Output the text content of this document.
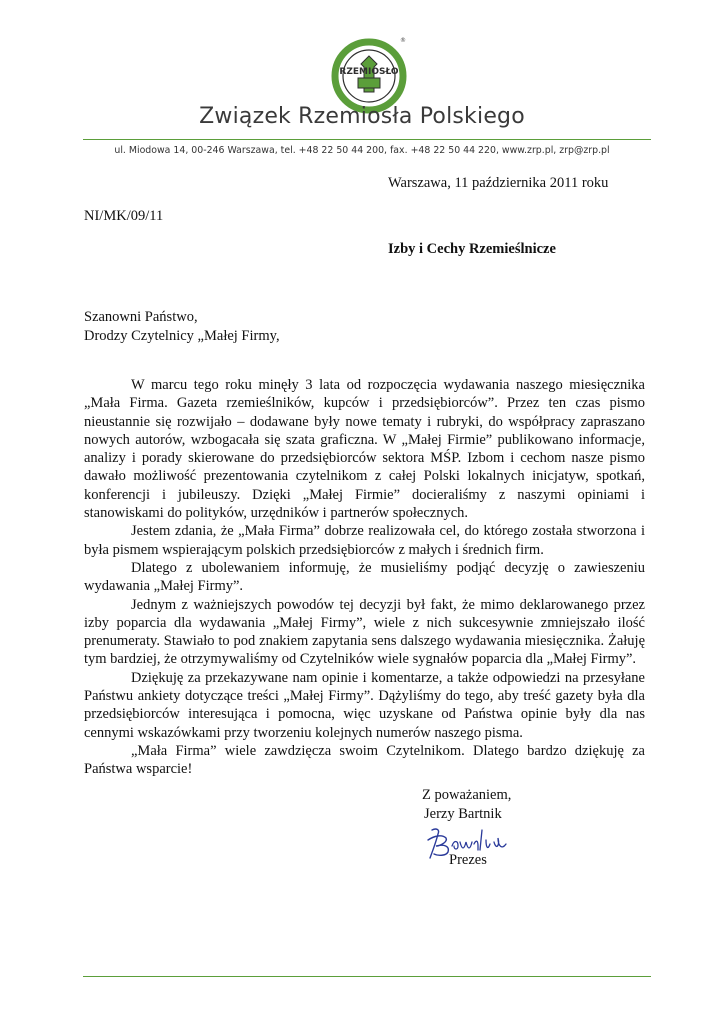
RZEMIOSŁO
®
Związek Rzemiosła Polskiego
ul. Miodowa 14, 00-246 Warszawa, tel. +48 22 50 44 200, fax. +48 22 50 44 220, www.zrp.pl, zrp@zrp.pl
Warszawa, 11 października 2011 roku
NI/MK/09/11
Izby i Cechy Rzemieślnicze
Szanowni Państwo,
Drodzy Czytelnicy „Małej Firmy,

W marcu tego roku minęły 3 lata od rozpoczęcia wydawania naszego miesięcznika „Mała Firma. Gazeta rzemieślników, kupców i przedsiębiorców”. Przez ten czas pismo nieustannie się rozwijało – dodawane były nowe tematy i rubryki, do współpracy zapraszano nowych autorów, wzbogacała się szata graficzna. W „Małej Firmie” publikowano informacje, analizy i porady skierowane do przedsiębiorców sektora MŚP. Izbom i cechom nasze pismo dawało możliwość prezentowania czytelnikom z całej Polski lokalnych inicjatyw, spotkań, konferencji i jubileuszy. Dzięki „Małej Firmie” docieraliśmy z naszymi opiniami i stanowiskami do polityków, urzędników i partnerów społecznych.

Jestem zdania, że „Mała Firma” dobrze realizowała cel, do którego została stworzona i była pismem wspierającym polskich przedsiębiorców z małych i średnich firm.

Dlatego z ubolewaniem informuję, że musieliśmy podjąć decyzję o zawieszeniu wydawania „Małej Firmy”.

Jednym z ważniejszych powodów tej decyzji był fakt, że mimo deklarowanego przez izby poparcia dla wydawania „Małej Firmy”, wiele z nich sukcesywnie zmniejszało ilość prenumeraty. Stawiało to pod znakiem zapytania sens dalszego wydawania miesięcznika. Żałuję tym bardziej, że otrzymywaliśmy od Czytelników wiele sygnałów poparcia dla „Małej Firmy”.

Dziękuję za przekazywane nam opinie i komentarze, a także odpowiedzi na przesyłane Państwu ankiety dotyczące treści „Małej Firmy”. Dążyliśmy do tego, aby treść gazety była dla przedsiębiorców interesująca i pomocna, więc uzyskane od Państwa opinie były dla nas cennymi wskazówkami przy tworzeniu kolejnych numerów naszego pisma.

„Mała Firma” wiele zawdzięcza swoim Czytelnikom. Dlatego bardzo dziękuję za Państwa wsparcie!

Z poważaniem,
Jerzy Bartnik
Prezes
